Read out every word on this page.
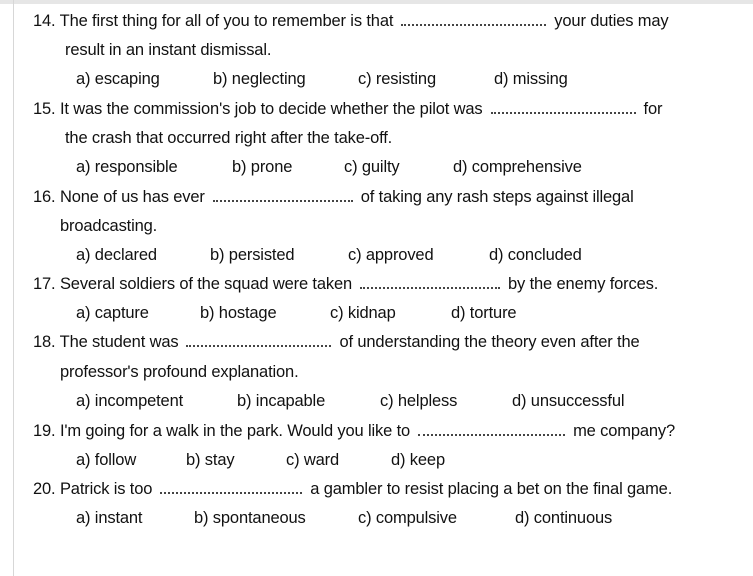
14. The first thing for all of you to remember is that	your duties may
result in an instant dismissal.
a) escaping	b) neglecting	c) resisting	d) missing
15. It was the commission's job to decide whether the pilot was	for
the crash that occurred right after the take-off.
a) responsible	b) prone	c) guilty	d) comprehensive
16. None of us has ever	of taking any rash steps against illegal
broadcasting.
a) declared	b) persisted	c) approved	d) concluded
17. Several soldiers of the squad were taken	by the enemy forces.
a) capture	b) hostage	c) kidnap	d) torture
18. The student was	of understanding the theory even after the
professor's profound explanation.
a) incompetent	b) incapable	c) helpless	d) unsuccessful
19. I'm going for a walk in the park. Would you like to	me company?
a) follow	b) stay	c) ward	d) keep
20. Patrick is too	a gambler to resist placing a bet on the final game.
a) instant	b) spontaneous	c) compulsive	d) continuous
